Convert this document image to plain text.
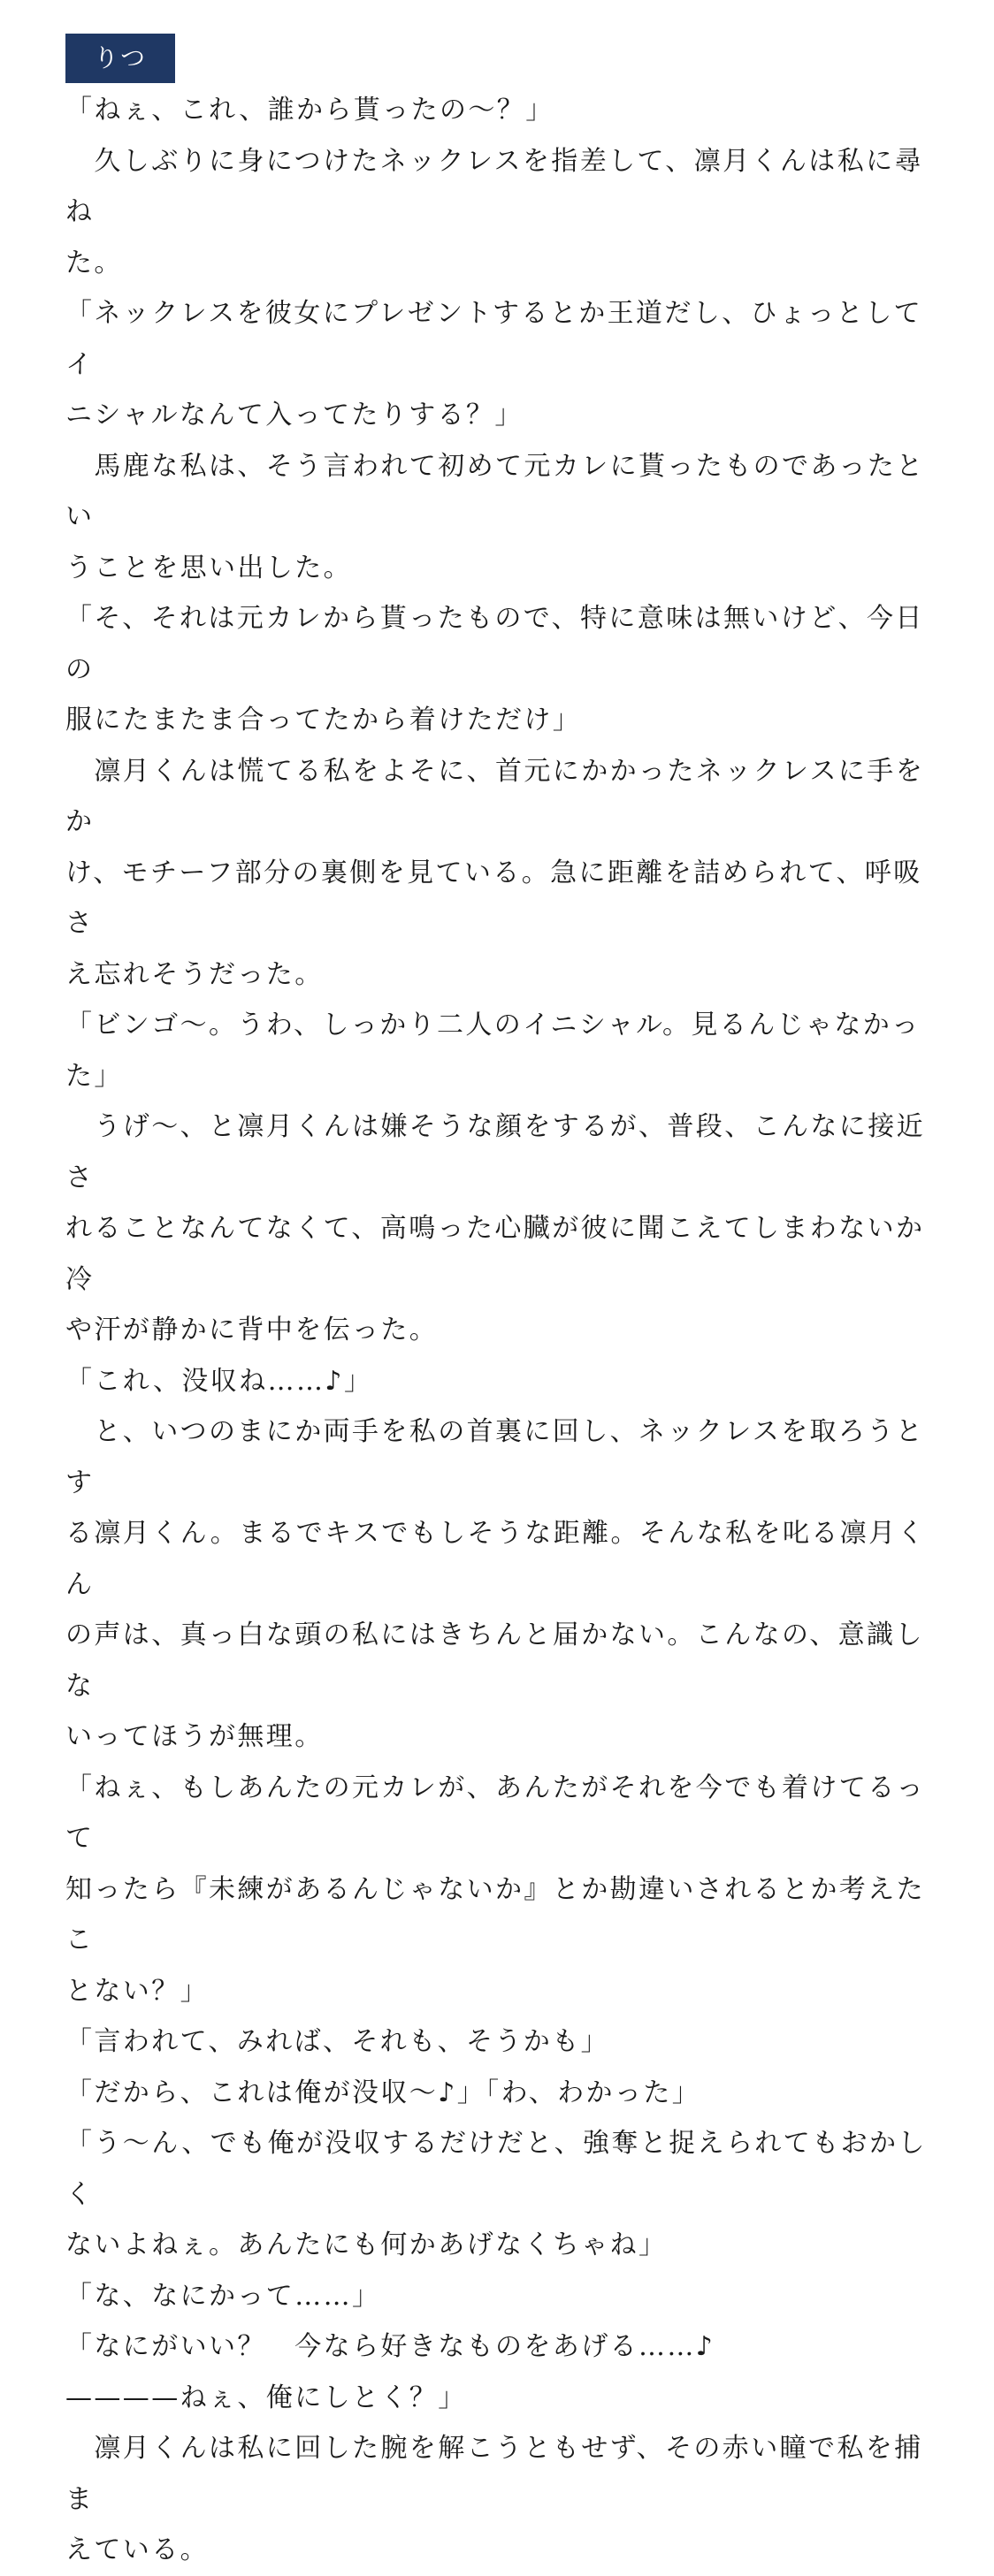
りつ
「ねぇ、これ、誰から貰ったの〜？」
　久しぶりに身につけたネックレスを指差して、凛月くんは私に尋ね
た。
「ネックレスを彼女にプレゼントするとか王道だし、ひょっとしてイ
ニシャルなんて入ってたりする？」
　馬鹿な私は、そう言われて初めて元カレに貰ったものであったとい
うことを思い出した。
「そ、それは元カレから貰ったもので、特に意味は無いけど、今日の
服にたまたま合ってたから着けただけ」
　凛月くんは慌てる私をよそに、首元にかかったネックレスに手をか
け、モチーフ部分の裏側を見ている。急に距離を詰められて、呼吸さ
え忘れそうだった。
「ビンゴ〜。うわ、しっかり二人のイニシャル。見るんじゃなかっ
た」
　うげ〜、と凛月くんは嫌そうな顔をするが、普段、こんなに接近さ
れることなんてなくて、高鳴った心臓が彼に聞こえてしまわないか冷
や汗が静かに背中を伝った。
「これ、没収ね……♪」
　と、いつのまにか両手を私の首裏に回し、ネックレスを取ろうとす
る凛月くん。まるでキスでもしそうな距離。そんな私を叱る凛月くん
の声は、真っ白な頭の私にはきちんと届かない。こんなの、意識しな
いってほうが無理。
「ねぇ、もしあんたの元カレが、あんたがそれを今でも着けてるって
知ったら『未練があるんじゃないか』とか勘違いされるとか考えたこ
とない？」
「言われて、みれば、それも、そうかも」
「だから、これは俺が没収〜♪」「わ、わかった」
「う〜ん、でも俺が没収するだけだと、強奪と捉えられてもおかしく
ないよねぇ。あんたにも何かあげなくちゃね」
「な、なにかって……」
「なにがいい？　今なら好きなものをあげる……♪
————ねぇ、俺にしとく？」
　凛月くんは私に回した腕を解こうともせず、その赤い瞳で私を捕ま
えている。
